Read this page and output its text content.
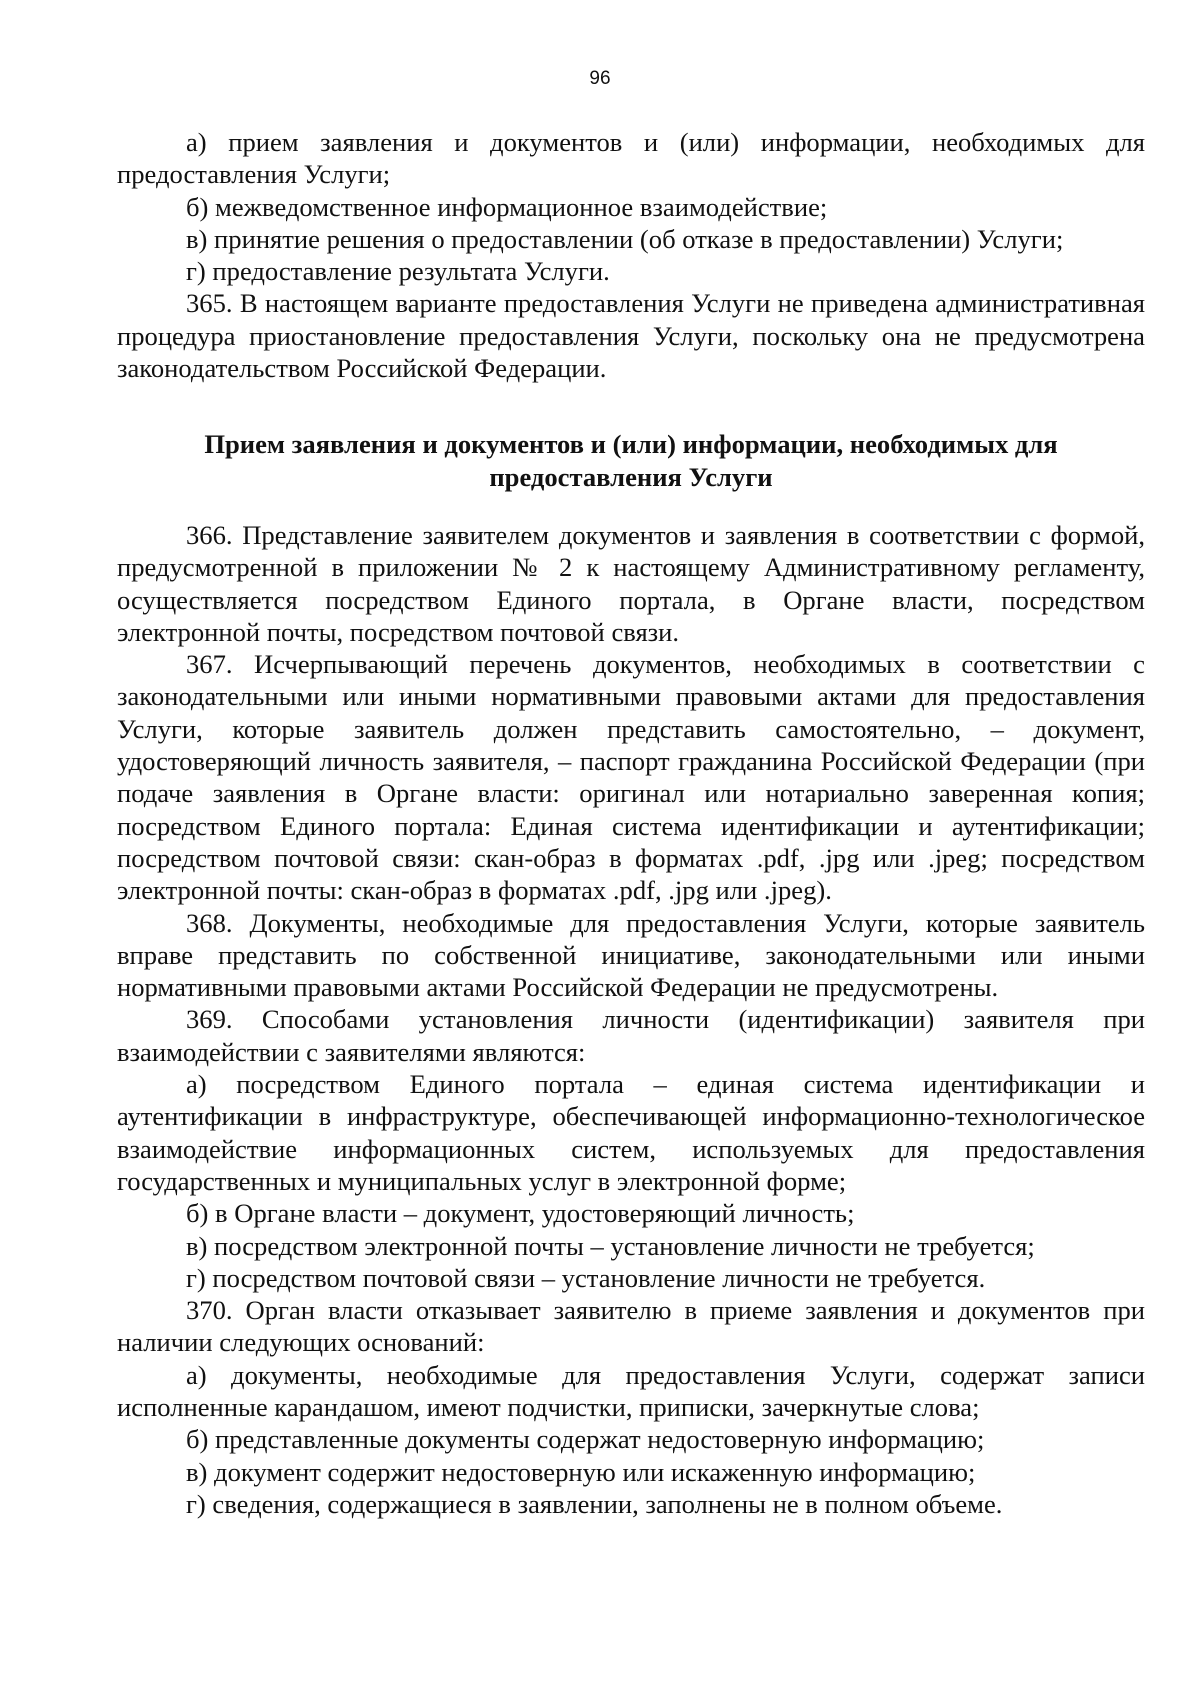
96

а) прием заявления и документов и (или) информации, необходимых для предоставления Услуги;

б) межведомственное информационное взаимодействие;

в) принятие решения о предоставлении (об отказе в предоставлении) Услуги;

г) предоставление результата Услуги.

365. В настоящем варианте предоставления Услуги не приведена административная процедура приостановление предоставления Услуги, поскольку она не предусмотрена законодательством Российской Федерации.

Прием заявления и документов и (или) информации, необходимых для предоставления Услуги

366. Представление заявителем документов и заявления в соответствии с формой, предусмотренной в приложении № 2 к настоящему Административному регламенту, осуществляется посредством Единого портала, в Органе власти, посредством электронной почты, посредством почтовой связи.

367. Исчерпывающий перечень документов, необходимых в соответствии с законодательными или иными нормативными правовыми актами для предоставления Услуги, которые заявитель должен представить самостоятельно, – документ, удостоверяющий личность заявителя, – паспорт гражданина Российской Федерации (при подаче заявления в Органе власти: оригинал или нотариально заверенная копия; посредством Единого портала: Единая система идентификации и аутентификации; посредством почтовой связи: скан-образ в форматах .pdf, .jpg или .jpeg; посредством электронной почты: скан-образ в форматах .pdf, .jpg или .jpeg).

368. Документы, необходимые для предоставления Услуги, которые заявитель вправе представить по собственной инициативе, законодательными или иными нормативными правовыми актами Российской Федерации не предусмотрены.

369. Способами установления личности (идентификации) заявителя при взаимодействии с заявителями являются:

а) посредством Единого портала – единая система идентификации и аутентификации в инфраструктуре, обеспечивающей информационно-технологическое взаимодействие информационных систем, используемых для предоставления государственных и муниципальных услуг в электронной форме;

б) в Органе власти – документ, удостоверяющий личность;

в) посредством электронной почты – установление личности не требуется;

г) посредством почтовой связи – установление личности не требуется.

370. Орган власти отказывает заявителю в приеме заявления и документов при наличии следующих оснований:

а) документы, необходимые для предоставления Услуги, содержат записи исполненные карандашом, имеют подчистки, приписки, зачеркнутые слова;

б) представленные документы содержат недостоверную информацию;

в) документ содержит недостоверную или искаженную информацию;

г) сведения, содержащиеся в заявлении, заполнены не в полном объеме.
